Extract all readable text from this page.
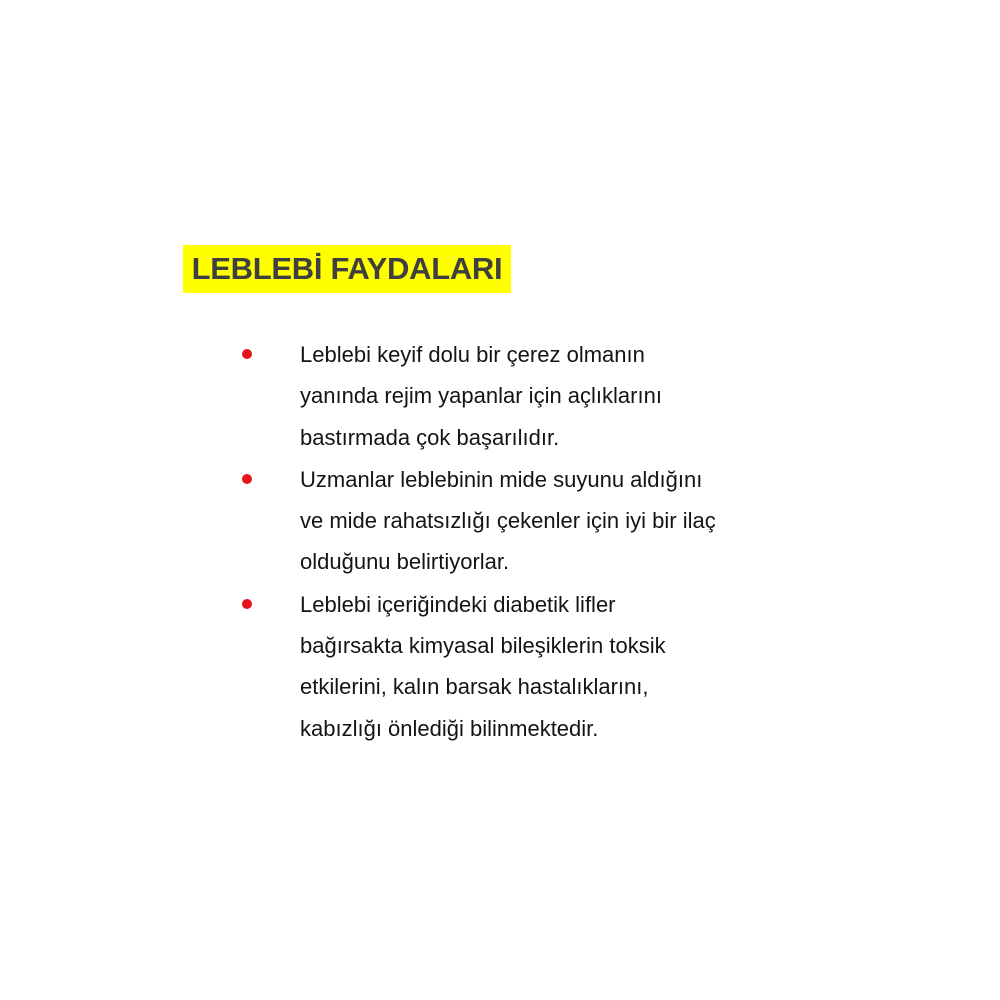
LEBLEBİ FAYDALARI
Leblebi keyif dolu bir çerez olmanın
yanında rejim yapanlar için açlıklarını
bastırmada çok başarılıdır.
Uzmanlar leblebinin mide suyunu aldığını
ve mide rahatsızlığı çekenler için iyi bir ilaç
olduğunu belirtiyorlar.
Leblebi içeriğindeki diabetik lifler
bağırsakta kimyasal bileşiklerin toksik
etkilerini, kalın barsak hastalıklarını,
kabızlığı önlediği bilinmektedir.
